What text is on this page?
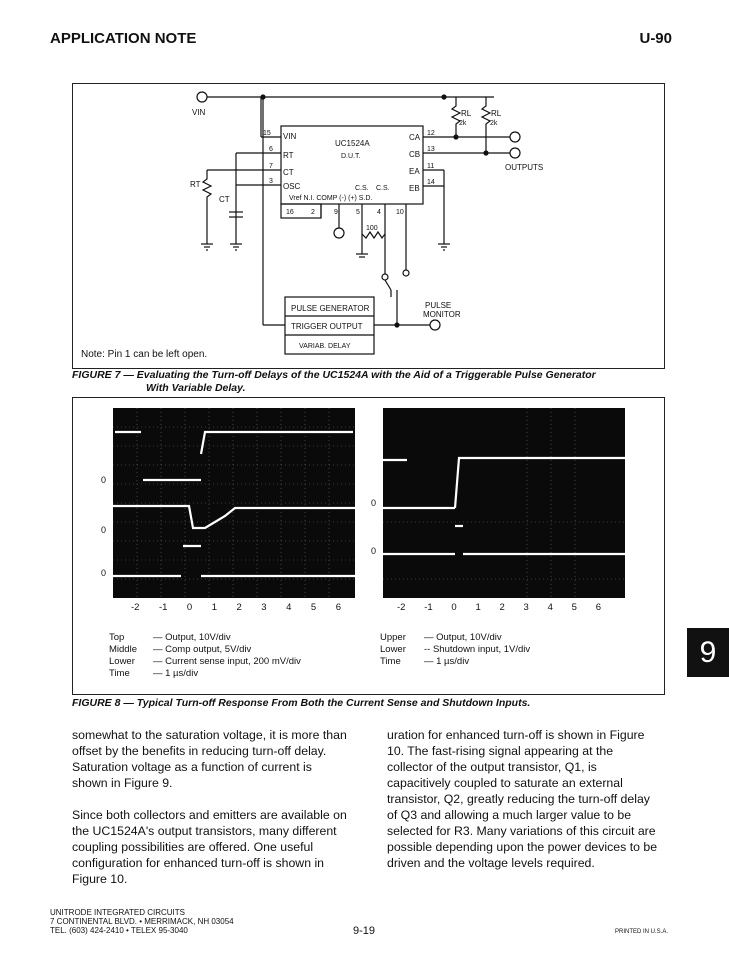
APPLICATION NOTE	U-90
VIN	RL
2k
RL
2k
UC1524A
D.U.T.
VIN
RT
CT
OSC
CA
CB
EA
EB
C.S. C.S.
Vref N.I. COMP (-) (+) S.D.
15
6
7
3
12
13
11
14
RT
CT
OUTPUTS
16 2	9	5 4 10
100
PULSE GENERATOR
TRIGGER OUTPUT
VARIAB. DELAY
PULSE
MONITOR
Note: Pin 1 can be left open.
FIGURE 7 — Evaluating the Turn-off Delays of the UC1524A with the Aid of a Triggerable Pulse Generator
With Variable Delay.
0
0
0
-2 -1 0 1 2 3 4 5 6
0
0
-2 -1 0 1 2 3 4 5 6
Top	— Output, 10V/div
Middle	— Comp output, 5V/div
Lower	— Current sense input, 200 mV/div
Time	— 1 µs/div
Upper	— Output, 10V/div
Lower	-- Shutdown input, 1V/div
Time	— 1 µs/div
FIGURE 8 — Typical Turn-off Response From Both the Current Sense and Shutdown Inputs.

somewhat to the saturation voltage, it is more than offset by the benefits in reducing turn-off delay. Saturation voltage as a function of current is shown in Figure 9.

Since both collectors and emitters are available on the UC1524A's output transistors, many different coupling possibilities are offered. One useful configuration for enhanced turn-off is shown in Figure 10.

uration for enhanced turn-off is shown in Figure 10. The fast-rising signal appearing at the collector of the output transistor, Q1, is capacitively coupled to saturate an external transistor, Q2, greatly reducing the turn-off delay of Q3 and allowing a much larger value to be selected for R3. Many variations of this circuit are possible depending upon the power devices to be driven and the voltage levels required.

9
UNITRODE INTEGRATED CIRCUITS
7 CONTINENTAL BLVD. • MERRIMACK, NH 03054
TEL. (603) 424-2410 • TELEX 95-3040	9-19	PRINTED IN U.S.A.
